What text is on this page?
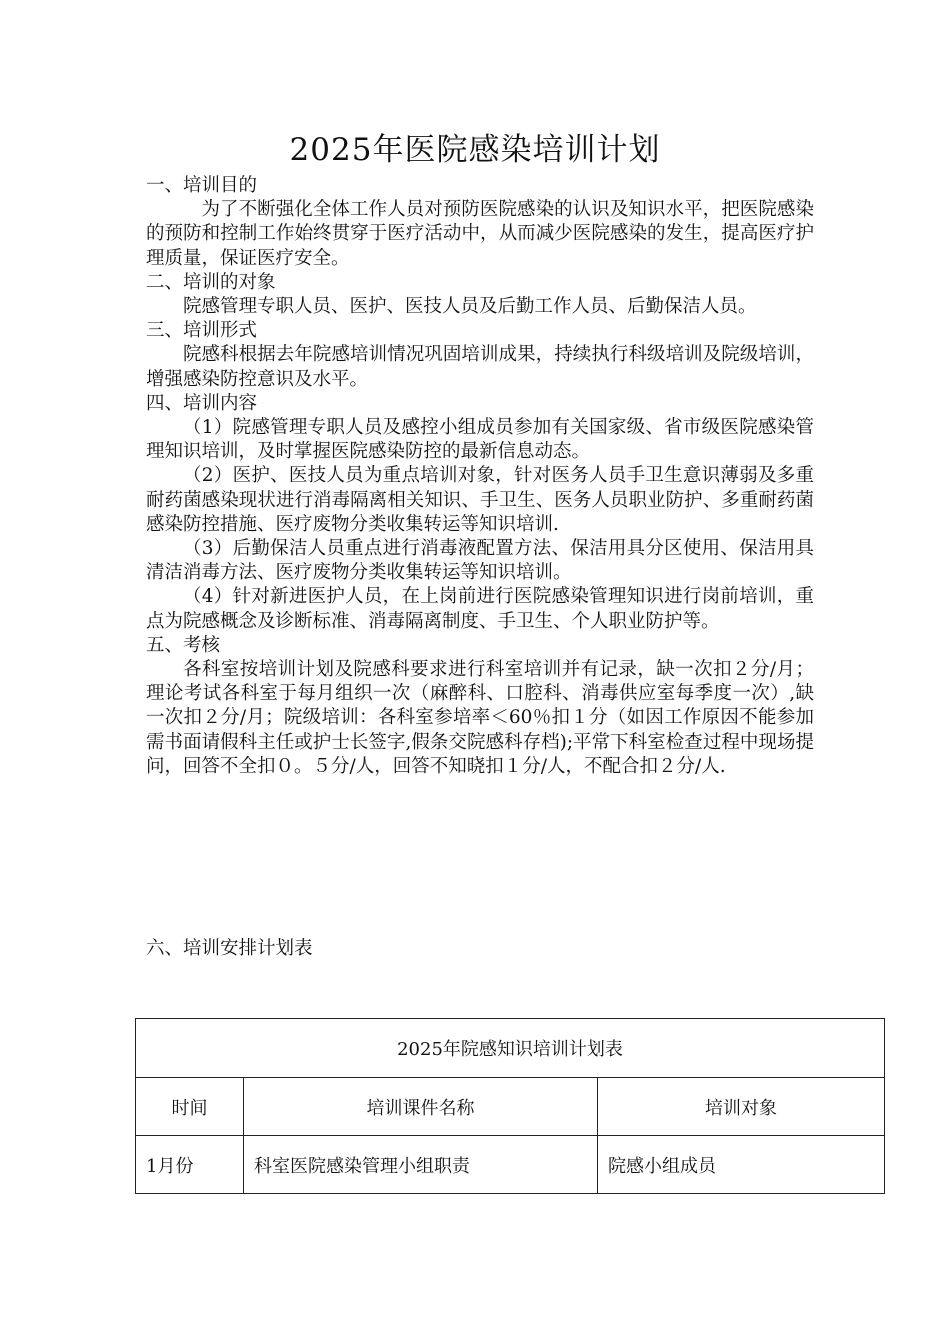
2025年医院感染培训计划

一、培训目的

为了不断强化全体工作人员对预防医院感染的认识及知识水平，把医院感染的预防和控制工作始终贯穿于医疗活动中，从而减少医院感染的发生，提高医疗护理质量，保证医疗安全。

二、培训的对象

院感管理专职人员、医护、医技人员及后勤工作人员、后勤保洁人员。

三、培训形式

院感科根据去年院感培训情况巩固培训成果，持续执行科级培训及院级培训，增强感染防控意识及水平。

四、培训内容

（1）院感管理专职人员及感控小组成员参加有关国家级、省市级医院感染管理知识培训，及时掌握医院感染防控的最新信息动态。

（2）医护、医技人员为重点培训对象，针对医务人员手卫生意识薄弱及多重耐药菌感染现状进行消毒隔离相关知识、手卫生、医务人员职业防护、多重耐药菌感染防控措施、医疗废物分类收集转运等知识培训.

（3）后勤保洁人员重点进行消毒液配置方法、保洁用具分区使用、保洁用具清洁消毒方法、医疗废物分类收集转运等知识培训。

（4）针对新进医护人员，在上岗前进行医院感染管理知识进行岗前培训，重点为院感概念及诊断标准、消毒隔离制度、手卫生、个人职业防护等。

五、考核

各科室按培训计划及院感科要求进行科室培训并有记录，缺一次扣２分/月；理论考试各科室于每月组织一次（麻醉科、口腔科、消毒供应室每季度一次）,缺一次扣２分/月；院级培训：各科室参培率＜60％扣１分（如因工作原因不能参加需书面请假科主任或护士长签字,假条交院感科存档);平常下科室检查过程中现场提问，回答不全扣０。５分/人，回答不知晓扣１分/人，不配合扣２分/人.

六、培训安排计划表
2025年院感知识培训计划表		
时间	培训课件名称	培训对象
1月份	科室医院感染管理小组职责	院感小组成员
